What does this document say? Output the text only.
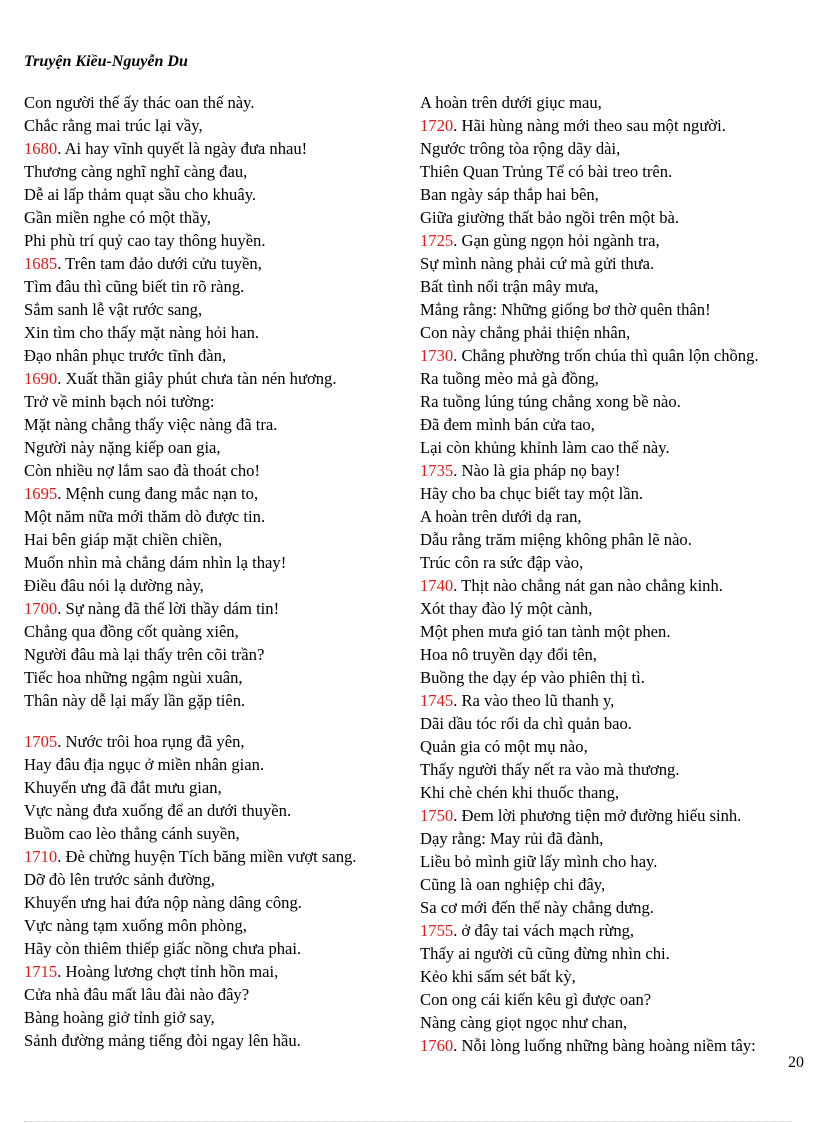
Truyện Kiều-Nguyễn Du
Con người thế ấy thác oan thế này.
Chắc rằng mai trúc lại vầy,
1680. Ai hay vĩnh quyết là ngày đưa nhau!
Thương càng nghĩ nghĩ càng đau,
Dễ ai lấp thảm quạt sầu cho khuây.
Gần miền nghe có một thầy,
Phi phù trí quỷ cao tay thông huyền.
1685. Trên tam đảo dưới cửu tuyền,
Tìm đâu thì cũng biết tin rõ ràng.
Sắm sanh lễ vật rước sang,
Xin tìm cho thấy mặt nàng hỏi han.
Đạo nhân phục trước tĩnh đàn,
1690. Xuất thần giây phút chưa tàn nén hương.
Trở về minh bạch nói tường:
Mặt nàng chẳng thấy việc nàng đã tra.
Người này nặng kiếp oan gia,
Còn nhiều nợ lắm sao đà thoát cho!
1695. Mệnh cung đang mắc nạn to,
Một năm nữa mới thăm dò được tin.
Hai bên giáp mặt chiền chiền,
Muốn nhìn mà chẳng dám nhìn lạ thay!
Điều đâu nói lạ dường này,
1700. Sự nàng đã thế lời thầy dám tin!
Chẳng qua đồng cốt quàng xiên,
Người đâu mà lại thấy trên cõi trần?
Tiếc hoa những ngậm ngùi xuân,
Thân này dễ lại mấy lần gặp tiên.
1705. Nước trôi hoa rụng đã yên,
Hay đâu địa ngục ở miền nhân gian.
Khuyển ưng đã đắt mưu gian,
Vực nàng đưa xuống để an dưới thuyền.
Buồm cao lèo thẳng cánh suyền,
1710. Đè chừng huyện Tích băng miền vượt sang.
Dỡ đò lên trước sảnh đường,
Khuyển ưng hai đứa nộp nàng dâng công.
Vực nàng tạm xuống môn phòng,
Hãy còn thiêm thiếp giấc nồng chưa phai.
1715. Hoàng lương chợt tỉnh hồn mai,
Cửa nhà đâu mất lâu đài nào đây?
Bàng hoàng giở tỉnh giở say,
Sảnh đường mảng tiếng đòi ngay lên hầu.
A hoàn trên dưới giục mau,
1720. Hãi hùng nàng mới theo sau một người.
Ngước trông tòa rộng dãy dài,
Thiên Quan Trủng Tể có bài treo trên.
Ban ngày sáp thắp hai bên,
Giữa giường thất bảo ngồi trên một bà.
1725. Gạn gùng ngọn hỏi ngành tra,
Sự mình nàng phải cứ mà gửi thưa.
Bất tình nổi trận mây mưa,
Mắng rằng: Những giống bơ thờ quên thân!
Con này chẳng phải thiện nhân,
1730. Chẳng phường trốn chúa thì quân lộn chồng.
Ra tuồng mèo mả gà đồng,
Ra tuồng lúng túng chẳng xong bề nào.
Đã đem mình bán cửa tao,
Lại còn khủng khỉnh làm cao thế này.
1735. Nào là gia pháp nọ bay!
Hãy cho ba chục biết tay một lần.
A hoàn trên dưới dạ ran,
Dẫu rằng trăm miệng không phân lẽ nào.
Trúc côn ra sức đập vào,
1740. Thịt nào chẳng nát gan nào chẳng kinh.
Xót thay đào lý một cành,
Một phen mưa gió tan tành một phen.
Hoa nô truyền dạy đổi tên,
Buồng the dạy ép vào phiên thị tì.
1745. Ra vào theo lũ thanh y,
Dãi dầu tóc rối da chì quản bao.
Quản gia có một mụ nào,
Thấy người thấy nết ra vào mà thương.
Khi chè chén khi thuốc thang,
1750. Đem lời phương tiện mở đường hiếu sinh.
Dạy rằng: May rủi đã đành,
Liều bỏ mình giữ lấy mình cho hay.
Cũng là oan nghiệp chi đây,
Sa cơ mới đến thế này chẳng dưng.
1755. ở đây tai vách mạch rừng,
Thấy ai người cũ cũng đừng nhìn chi.
Kẻo khi sấm sét bất kỳ,
Con ong cái kiến kêu gì được oan?
Nàng càng giọt ngọc như chan,
1760. Nỗi lòng luống những bàng hoàng niềm tây:
20
